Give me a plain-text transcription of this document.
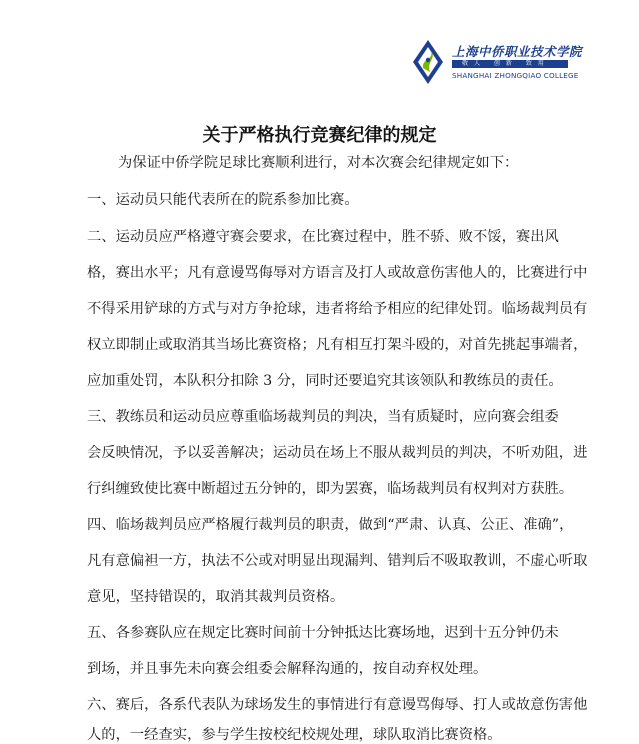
上海中侨职业技术学院
敬人 创新 致用
SHANGHAI ZHONGQIAO COLLEGE
关于严格执行竞赛纪律的规定
为保证中侨学院足球比赛顺利进行，对本次赛会纪律规定如下：
一、运动员只能代表所在的院系参加比赛。
二、运动员应严格遵守赛会要求，在比赛过程中，胜不骄、败不馁，赛出风
格，赛出水平；凡有意谩骂侮辱对方语言及打人或故意伤害他人的，比赛进行中
不得采用铲球的方式与对方争抢球，违者将给予相应的纪律处罚。临场裁判员有
权立即制止或取消其当场比赛资格；凡有相互打架斗殴的，对首先挑起事端者，
应加重处罚，本队积分扣除 3 分，同时还要追究其该领队和教练员的责任。
三、教练员和运动员应尊重临场裁判员的判决，当有质疑时，应向赛会组委
会反映情况，予以妥善解决；运动员在场上不服从裁判员的判决，不听劝阻，进
行纠缠致使比赛中断超过五分钟的，即为罢赛，临场裁判员有权判对方获胜。
四、临场裁判员应严格履行裁判员的职责，做到“严肃、认真、公正、准确”，
凡有意偏袒一方，执法不公或对明显出现漏判、错判后不吸取教训，不虚心听取
意见，坚持错误的，取消其裁判员资格。
五、各参赛队应在规定比赛时间前十分钟抵达比赛场地，迟到十五分钟仍未
到场，并且事先未向赛会组委会解释沟通的，按自动弃权处理。
六、赛后，各系代表队为球场发生的事情进行有意谩骂侮辱、打人或故意伤害他
人的，一经查实，参与学生按校纪校规处理，球队取消比赛资格。
